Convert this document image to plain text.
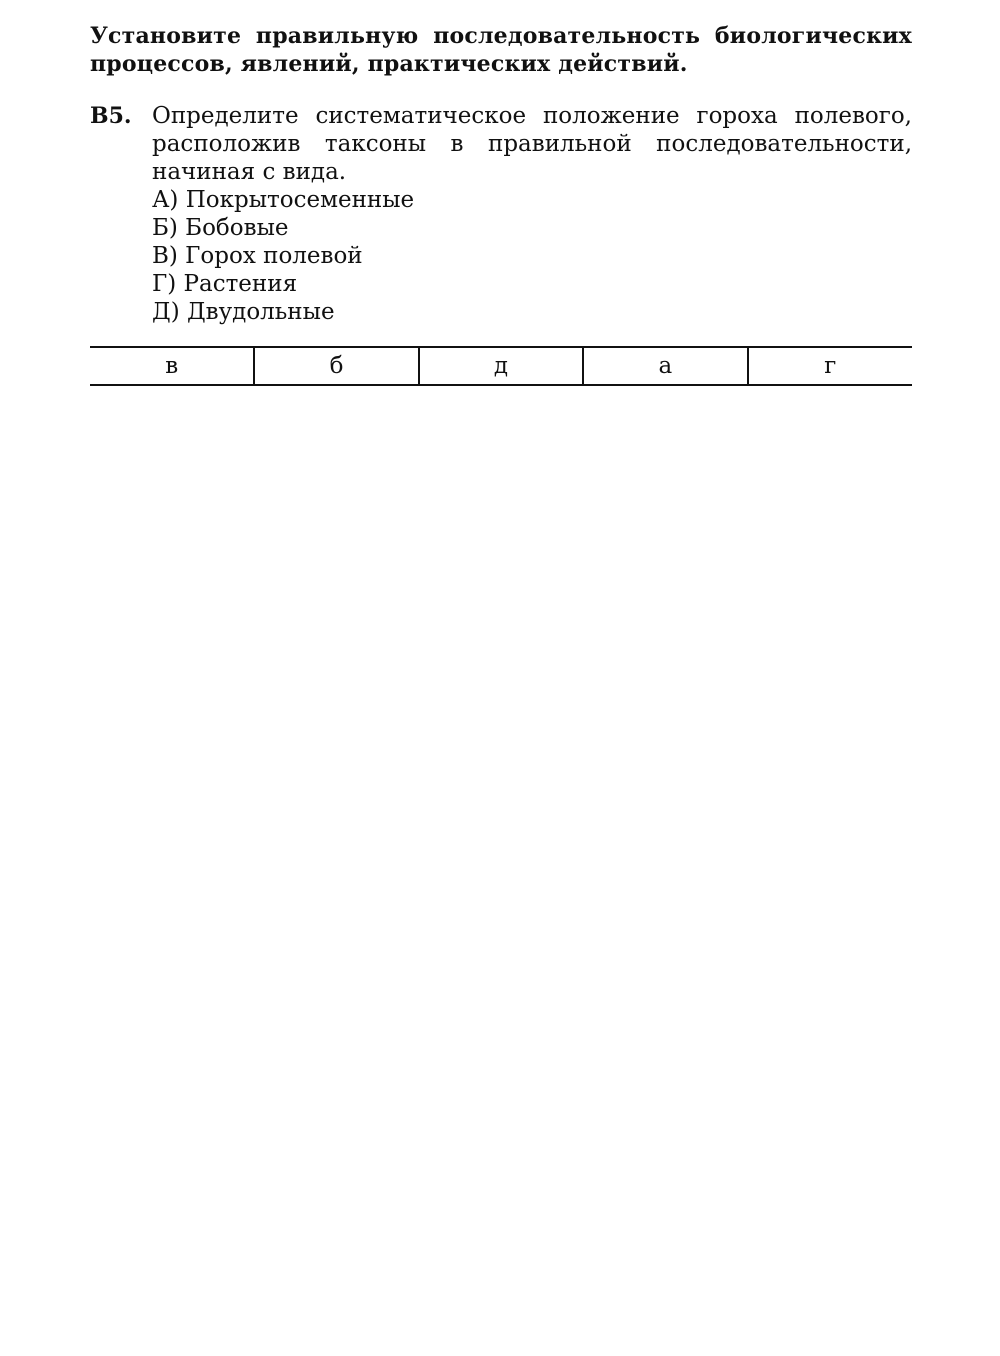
Установите правильную последовательность биологических процессов, явлений, практических действий.

В5. Определите систематическое положение гороха полевого, расположив таксоны в правильной последовательности, начиная с вида.

А) Покрытосеменные
Б) Бобовые
В) Горох полевой
Г) Растения
Д) Двудольные
в	б	д	а	г
